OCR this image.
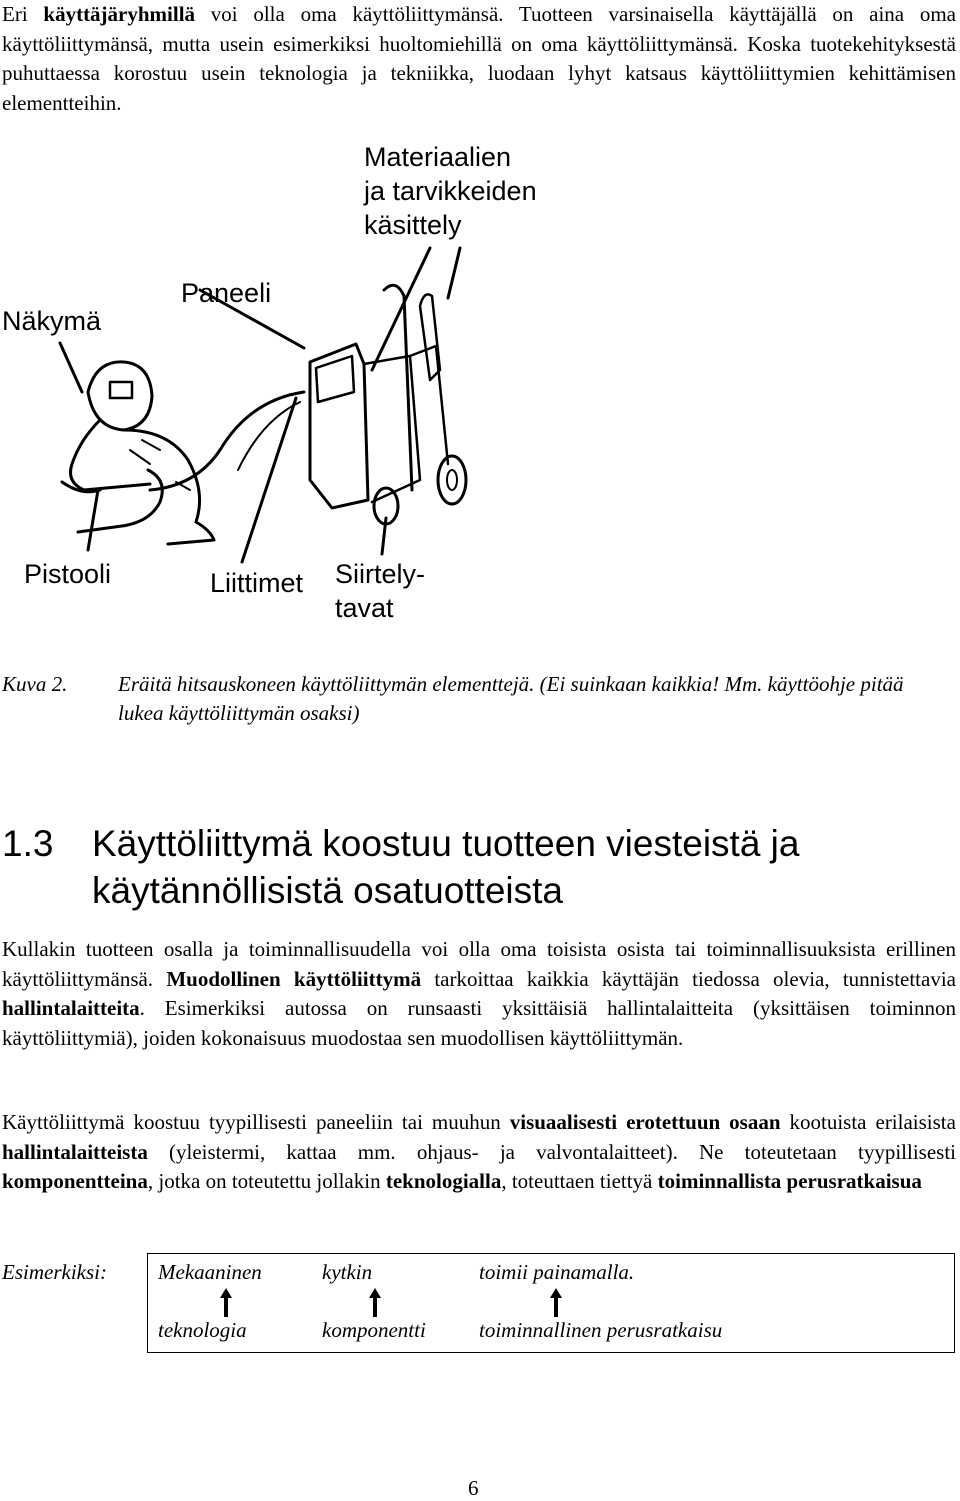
Eri käyttäjäryhmillä voi olla oma käyttöliittymänsä. Tuotteen varsinaisella käyttäjällä on aina oma käyttöliittymänsä, mutta usein esimerkiksi huoltomiehillä on oma käyttöliittymänsä. Koska tuotekehityksestä puhuttaessa korostuu usein teknologia ja tekniikka, luodaan lyhyt katsaus käyttöliittymien kehittämisen elementteihin.
Materiaalien
ja tarvikkeiden
käsittely
Paneeli
Näkymä
Pistooli	Liittimet Siirtely-
tavat
Kuva 2. Eräitä hitsauskoneen käyttöliittymän elementtejä. (Ei suinkaan kaikkia! Mm. käyttöohje pitää lukea käyttöliittymän osaksi)
1.3 Käyttöliittymä koostuu tuotteen viesteistä ja käytännöllisistä osatuotteista
Kullakin tuotteen osalla ja toiminnallisuudella voi olla oma toisista osista tai toiminnallisuuksista erillinen käyttöliittymänsä. Muodollinen käyttöliittymä tarkoittaa kaikkia käyttäjän tiedossa olevia, tunnistettavia hallintalaitteita. Esimerkiksi autossa on runsaasti yksittäisiä hallintalaitteita (yksittäisen toiminnon käyttöliittymiä), joiden kokonaisuus muodostaa sen muodollisen käyttöliittymän.
Käyttöliittymä koostuu tyypillisesti paneeliin tai muuhun visuaalisesti erotettuun osaan kootuista erilaisista hallintalaitteista (yleistermi, kattaa mm. ohjaus- ja valvontalaitteet). Ne toteutetaan tyypillisesti komponentteina, jotka on toteutettu jollakin teknologialla, toteuttaen tiettyä toiminnallista perusratkaisua
Esimerkiksi: Mekaaninen	kytkin	toimii painamalla.
teknologia	komponentti	toiminnallinen perusratkaisu
6
